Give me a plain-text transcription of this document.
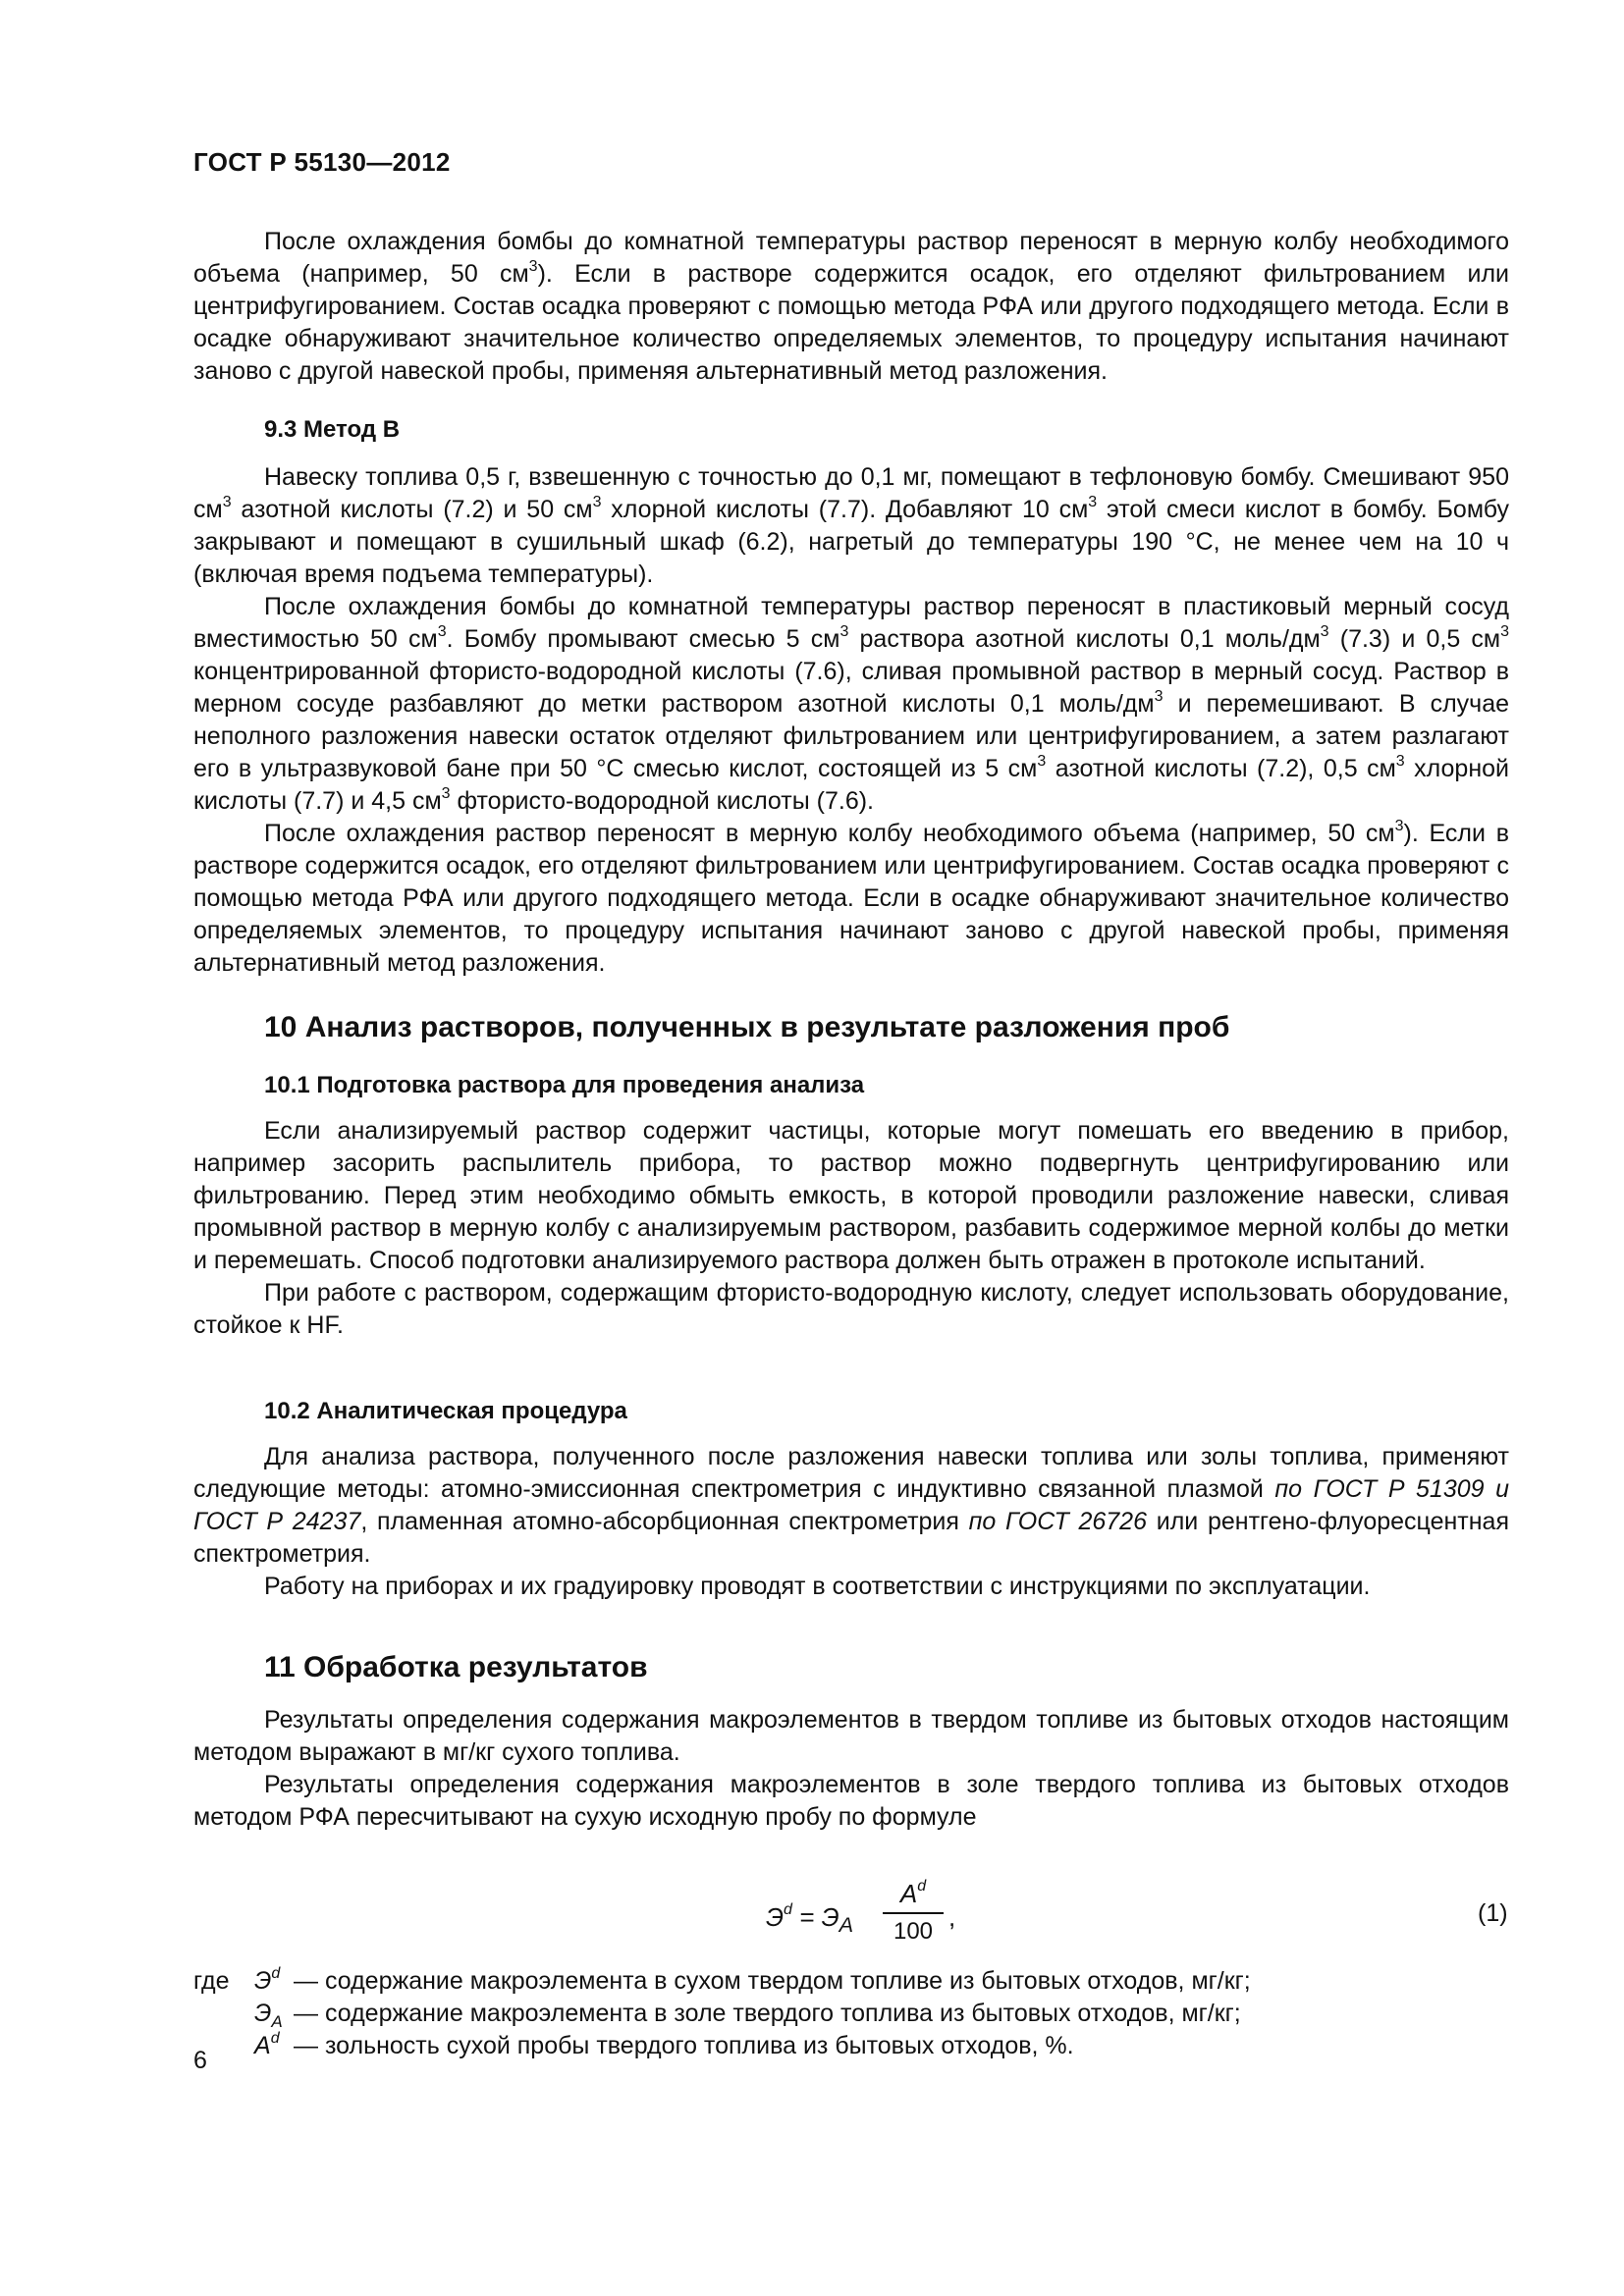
ГОСТ Р 55130—2012

После охлаждения бомбы до комнатной температуры раствор переносят в мерную колбу необходимого объема (например, 50 $см^3$). Если в растворе содержится осадок, его отделяют фильтрованием или центрифугированием. Состав осадка проверяют с помощью метода РФА или другого подходящего метода. Если в осадке обнаруживают значительное количество определяемых элементов, то процедуру испытания начинают заново с другой навеской пробы, применяя альтернативный метод разложения.

9.3 Метод В

Навеску топлива 0,5 г, взвешенную с точностью до 0,1 мг, помещают в тефлоновую бомбу. Смешивают 950 $см^3$ азотной кислоты (7.2) и 50 $см^3$ хлорной кислоты (7.7). Добавляют 10 $см^3$ этой смеси кислот в бомбу. Бомбу закрывают и помещают в сушильный шкаф (6.2), нагретый до температуры 190 °С, не менее чем на 10 ч (включая время подъема температуры).

После охлаждения бомбы до комнатной температуры раствор переносят в пластиковый мерный сосуд вместимостью 50 $см^3$. Бомбу промывают смесью 5 $см^3$ раствора азотной кислоты 0,1 моль/$дм^3$ (7.3) и 0,5 $см^3$ концентрированной фтористо-водородной кислоты (7.6), сливая промывной раствор в мерный сосуд. Раствор в мерном сосуде разбавляют до метки раствором азотной кислоты 0,1 моль/$дм^3$ и перемешивают. В случае неполного разложения навески остаток отделяют фильтрованием или центрифугированием, а затем разлагают его в ультразвуковой бане при 50 °С смесью кислот, состоящей из 5 $см^3$ азотной кислоты (7.2), 0,5 $см^3$ хлорной кислоты (7.7) и 4,5 $см^3$ фтористо-водородной кислоты (7.6).

После охлаждения раствор переносят в мерную колбу необходимого объема (например, 50 $см^3$). Если в растворе содержится осадок, его отделяют фильтрованием или центрифугированием. Состав осадка проверяют с помощью метода РФА или другого подходящего метода. Если в осадке обнаруживают значительное количество определяемых элементов, то процедуру испытания начинают заново с другой навеской пробы, применяя альтернативный метод разложения.

10 Анализ растворов, полученных в результате разложения проб
10.1 Подготовка раствора для проведения анализа

Если анализируемый раствор содержит частицы, которые могут помешать его введению в прибор, например засорить распылитель прибора, то раствор можно подвергнуть центрифугированию или фильтрованию. Перед этим необходимо обмыть емкость, в которой проводили разложение навески, сливая промывной раствор в мерную колбу с анализируемым раствором, разбавить содержимое мерной колбы до метки и перемешать. Способ подготовки анализируемого раствора должен быть отражен в протоколе испытаний.

При работе с раствором, содержащим фтористо-водородную кислоту, следует использовать оборудование, стойкое к HF.

10.2 Аналитическая процедура

Для анализа раствора, полученного после разложения навески топлива или золы топлива, применяют следующие методы: атомно-эмиссионная спектрометрия с индуктивно связанной плазмой по ГОСТ Р 51309 и ГОСТ Р 24237, пламенная атомно-абсорбционная спектрометрия по ГОСТ 26726 или рентгено-флуоресцентная спектрометрия.

Работу на приборах и их градуировку проводят в соответствии с инструкциями по эксплуатации.

11 Обработка результатов

Результаты определения содержания макроэлементов в твердом топливе из бытовых отходов настоящим методом выражают в мг/кг сухого топлива.

Результаты определения содержания макроэлементов в золе твердого топлива из бытовых отходов методом РФА пересчитывают на сухую исходную пробу по формуле

$Э^d = Э_A$
$A^d$
100 ,	(1)
где $Э^d$ — содержание макроэлемента в сухом твердом топливе из бытовых отходов, мг/кг;
$Э_A$ — содержание макроэлемента в золе твердого топлива из бытовых отходов, мг/кг;
$A^d$ — зольность сухой пробы твердого топлива из бытовых отходов, %.
6
